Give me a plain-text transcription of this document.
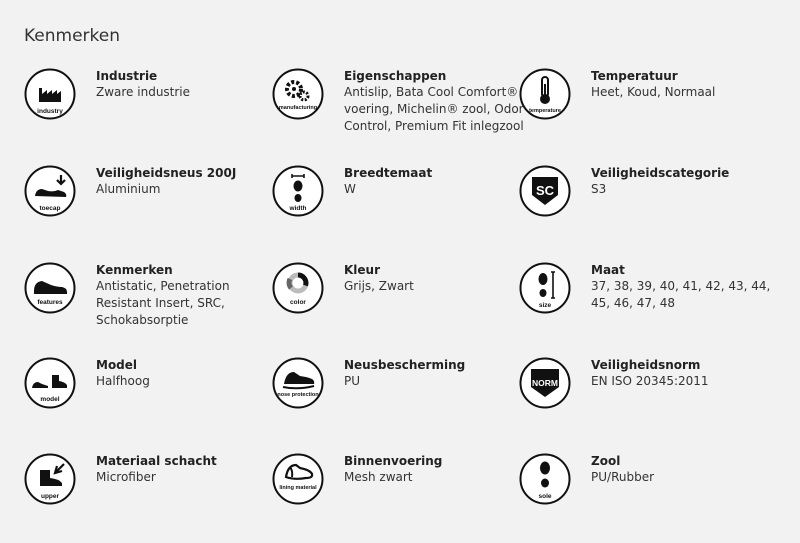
Kenmerken
industry
Industrie
Zware industrie
manufacturing
Eigenschappen
Antislip, Bata Cool Comfort® voering, Michelin® zool, Odor Control, Premium Fit inlegzool
temperature
Temperatuur
Heet, Koud, Normaal
toecap
Veiligheidsneus 200J
Aluminium
width
Breedtemaat
W	SC
Veiligheidscategorie
S3
features
Kenmerken
Antistatic, Penetration Resistant Insert, SRC, Schokabsorptie
color
Kleur
Grijs, Zwart
size
Maat
37, 38, 39, 40, 41, 42, 43, 44, 45, 46, 47, 48
model
Model
Halfhoog
nose protection
Neusbescherming
PU	NORM
Veiligheidsnorm
EN ISO 20345:2011
upper
Materiaal schacht
Microfiber
lining material
Binnenvoering
Mesh zwart
sole
Zool
PU/Rubber
